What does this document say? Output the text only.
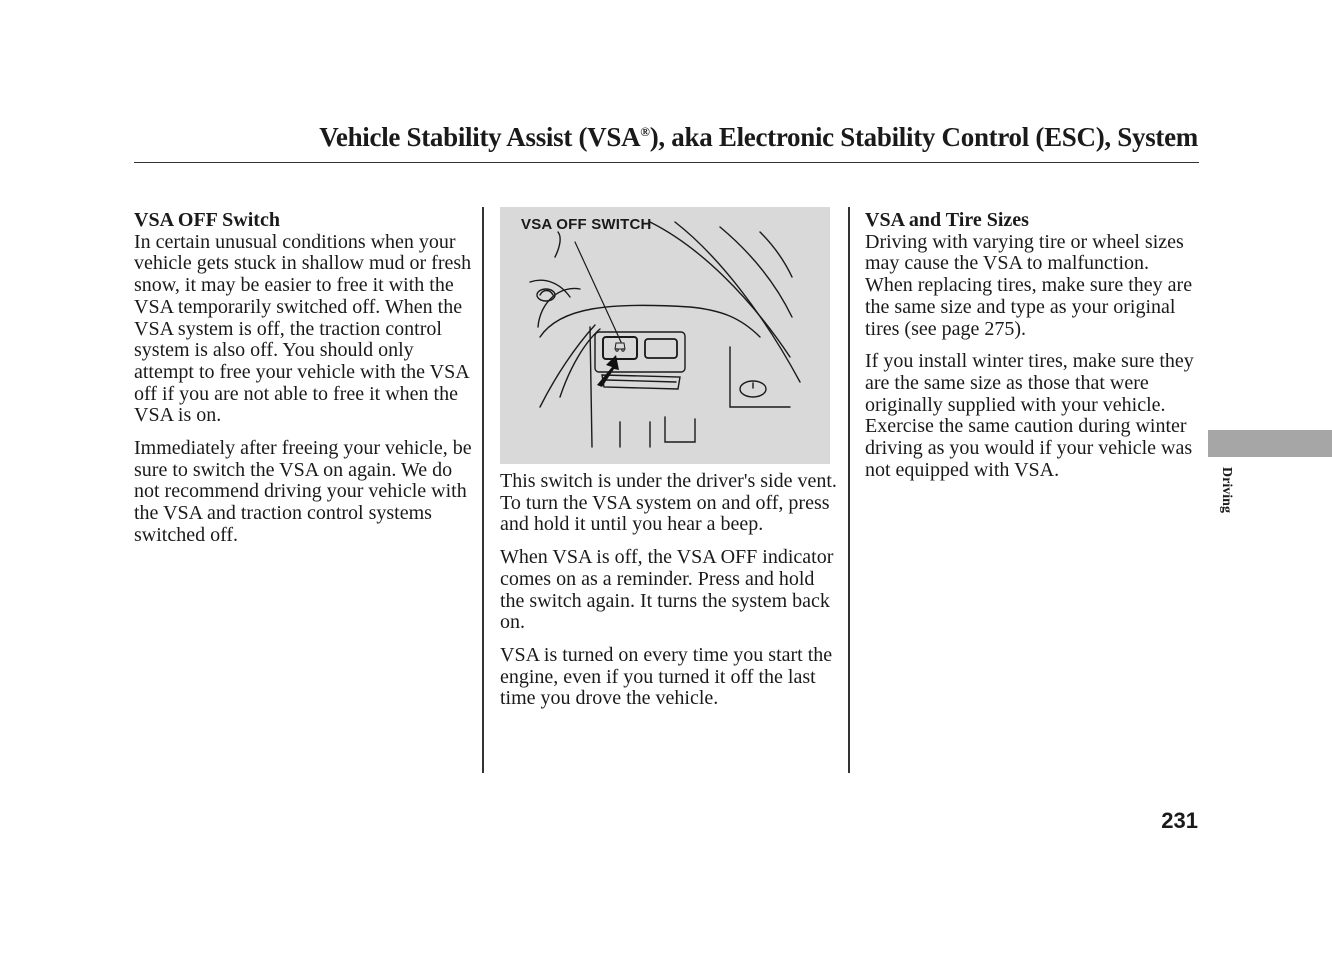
Vehicle Stability Assist (VSA®), aka Electronic Stability Control (ESC), System
VSA OFF Switch

In certain unusual conditions when your vehicle gets stuck in shallow mud or fresh snow, it may be easier to free it with the VSA temporarily switched off. When the VSA system is off, the traction control system is also off. You should only attempt to free your vehicle with the VSA off if you are not able to free it when the VSA is on.

Immediately after freeing your vehicle, be sure to switch the VSA on again. We do not recommend driving your vehicle with the VSA and traction control systems switched off.

VSA OFF SWITCH

This switch is under the driver's side vent. To turn the VSA system on and off, press and hold it until you hear a beep.

When VSA is off, the VSA OFF indicator comes on as a reminder. Press and hold the switch again. It turns the system back on.

VSA is turned on every time you start the engine, even if you turned it off the last time you drove the vehicle.

VSA and Tire Sizes

Driving with varying tire or wheel sizes may cause the VSA to malfunction. When replacing tires, make sure they are the same size and type as your original tires (see page 275).

If you install winter tires, make sure they are the same size as those that were originally supplied with your vehicle. Exercise the same caution during winter driving as you would if your vehicle was not equipped with VSA.	Driving
231
